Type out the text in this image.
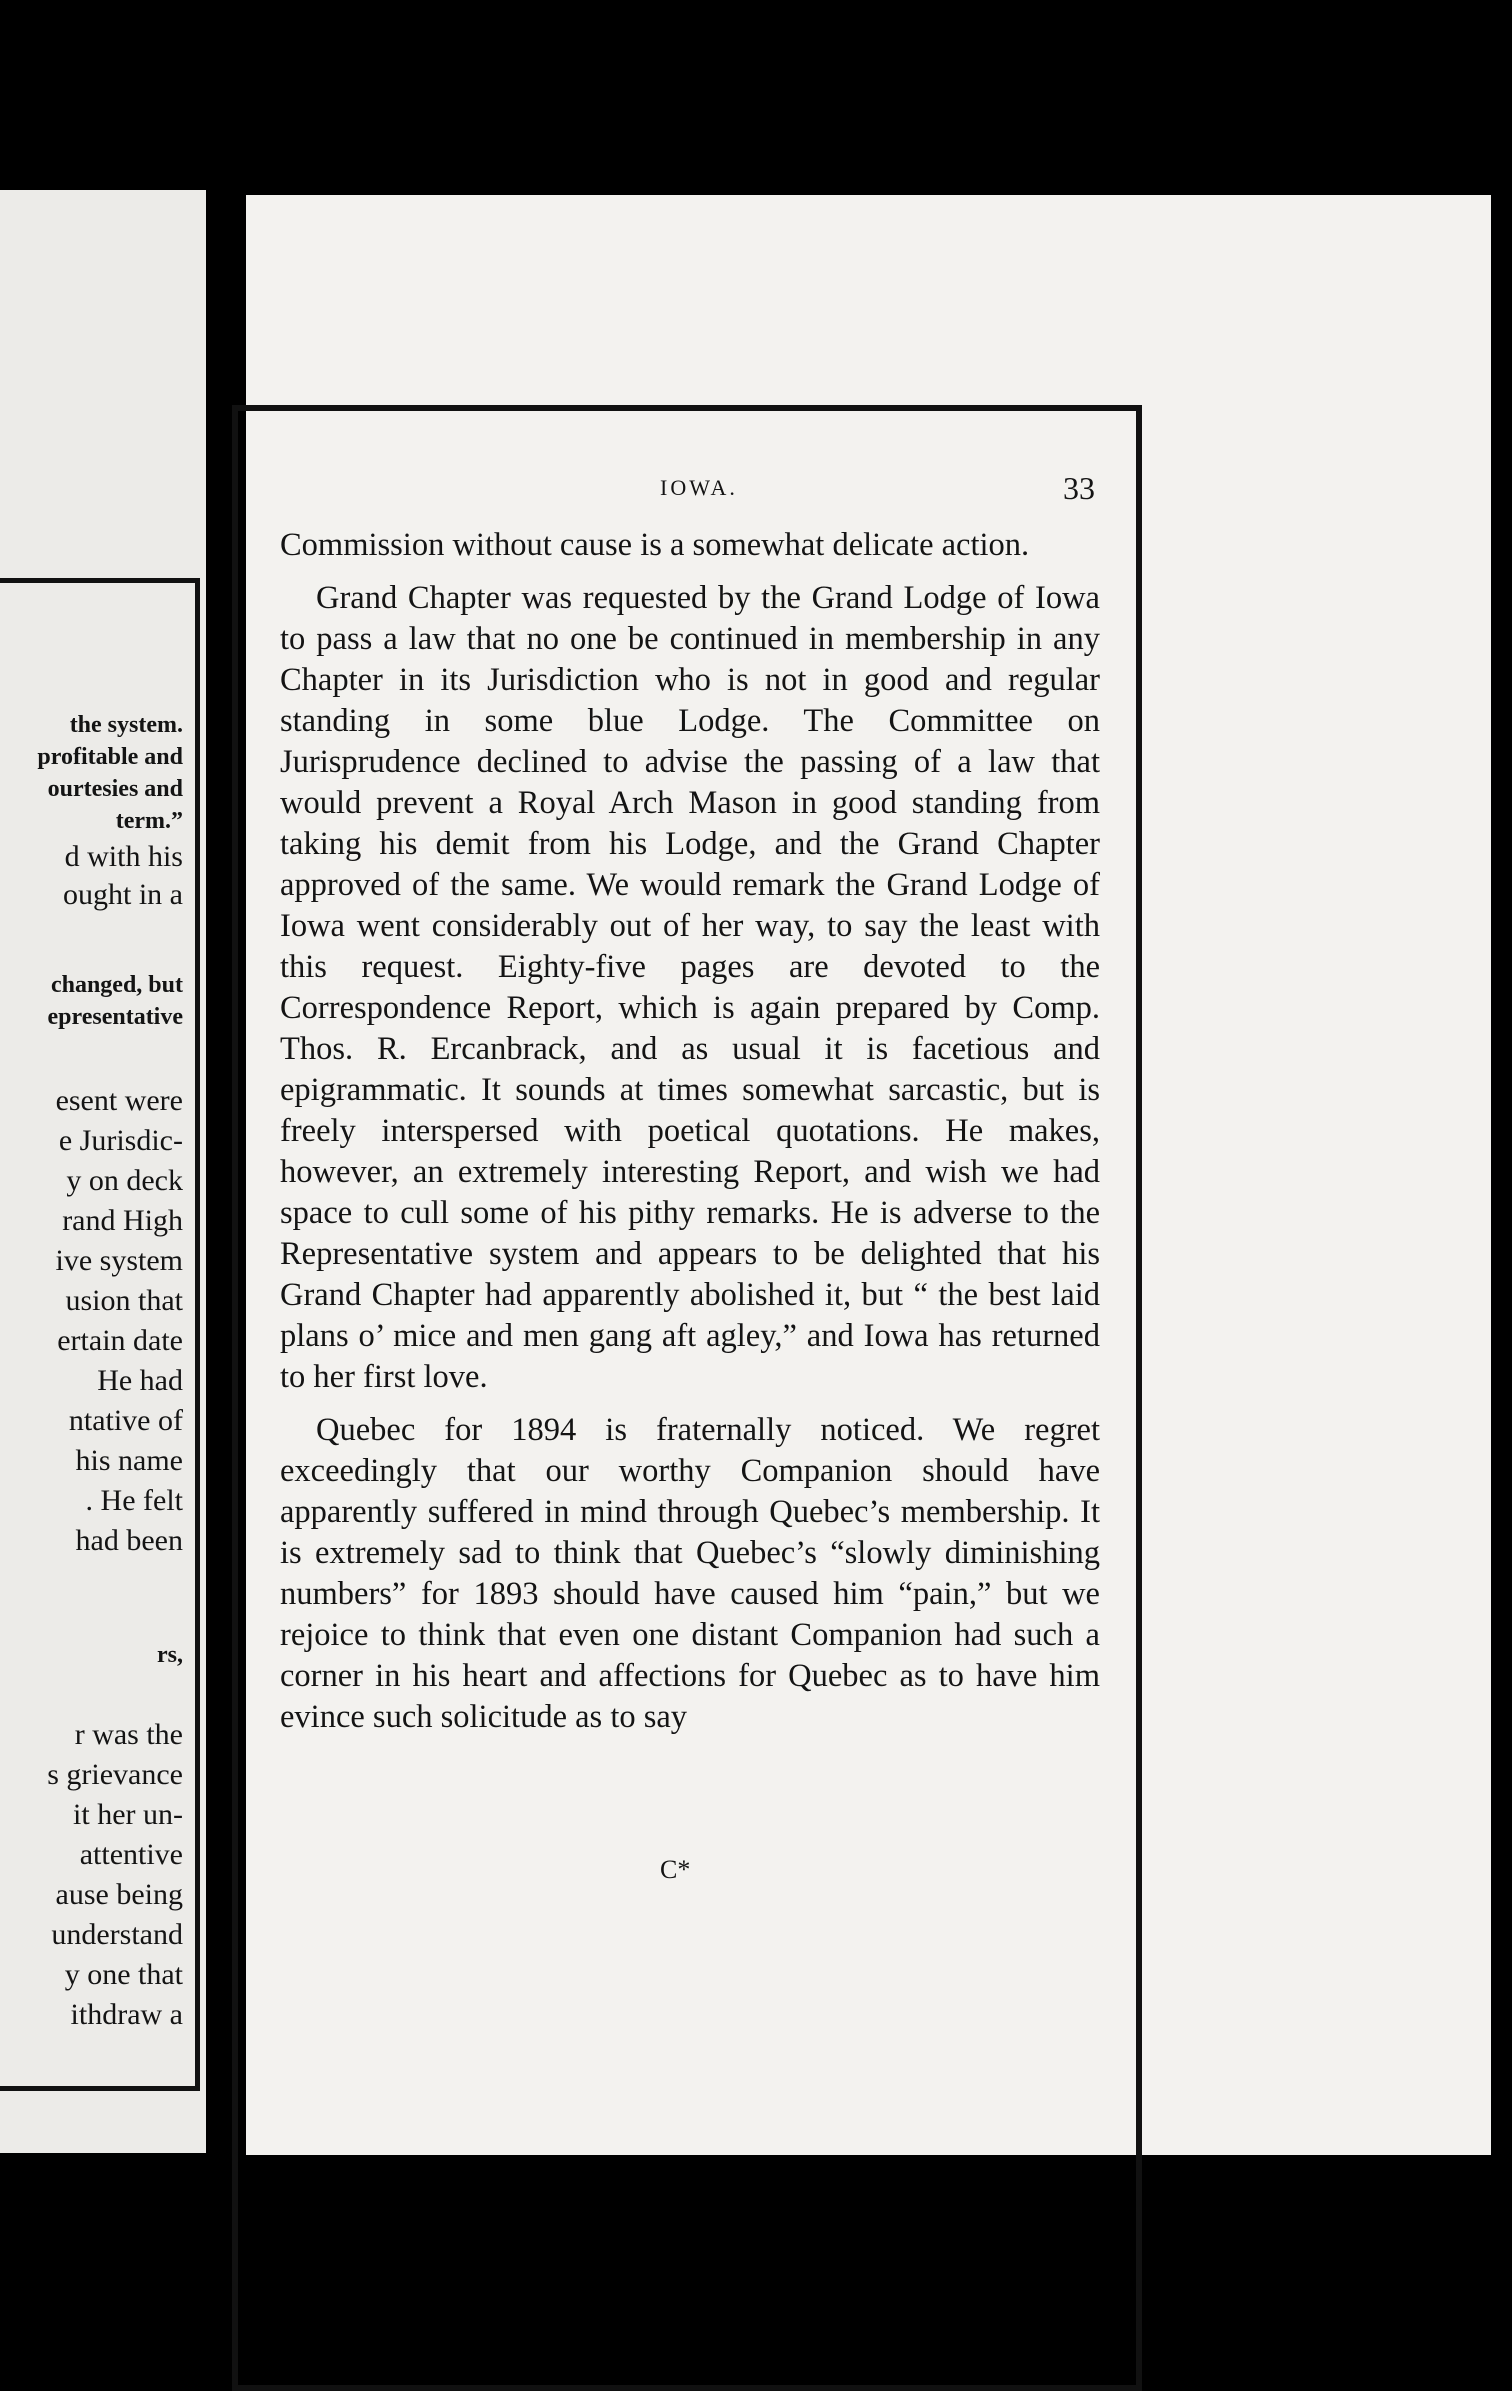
the system.
profitable and
ourtesies and
term.”
d with his
ought in a
changed, but
epresentative
esent were
e Jurisdic-
y on deck
rand High
ive system
usion that
ertain date
He had
ntative of
his name
. He felt
had been
rs,
r was the
s grievance
it her un-
attentive
ause being
understand
y one that
ithdraw a
IOWA.	33

Commission without cause is a somewhat delicate action.

Grand Chapter was requested by the Grand Lodge of Iowa to pass a law that no one be continued in membership in any Chapter in its Jurisdiction who is not in good and regular standing in some blue Lodge. The Committee on Jurisprudence declined to advise the passing of a law that would prevent a Royal Arch Mason in good standing from taking his demit from his Lodge, and the Grand Chapter approved of the same. We would remark the Grand Lodge of Iowa went considerably out of her way, to say the least with this request. Eighty-five pages are devoted to the Correspondence Report, which is again prepared by Comp. Thos. R. Ercanbrack, and as usual it is facetious and epigrammatic. It sounds at times somewhat sarcastic, but is freely interspersed with poetical quotations. He makes, however, an extremely interesting Report, and wish we had space to cull some of his pithy remarks. He is adverse to the Representative system and appears to be delighted that his Grand Chapter had apparently abolished it, but “ the best laid plans o’ mice and men gang aft agley,” and Iowa has returned to her first love.

Quebec for 1894 is fraternally noticed. We regret exceedingly that our worthy Companion should have apparently suffered in mind through Quebec’s membership. It is extremely sad to think that Quebec’s “slowly diminishing numbers” for 1893 should have caused him “pain,” but we rejoice to think that even one distant Companion had such a corner in his heart and affections for Quebec as to have him evince such solicitude as to say

C*
